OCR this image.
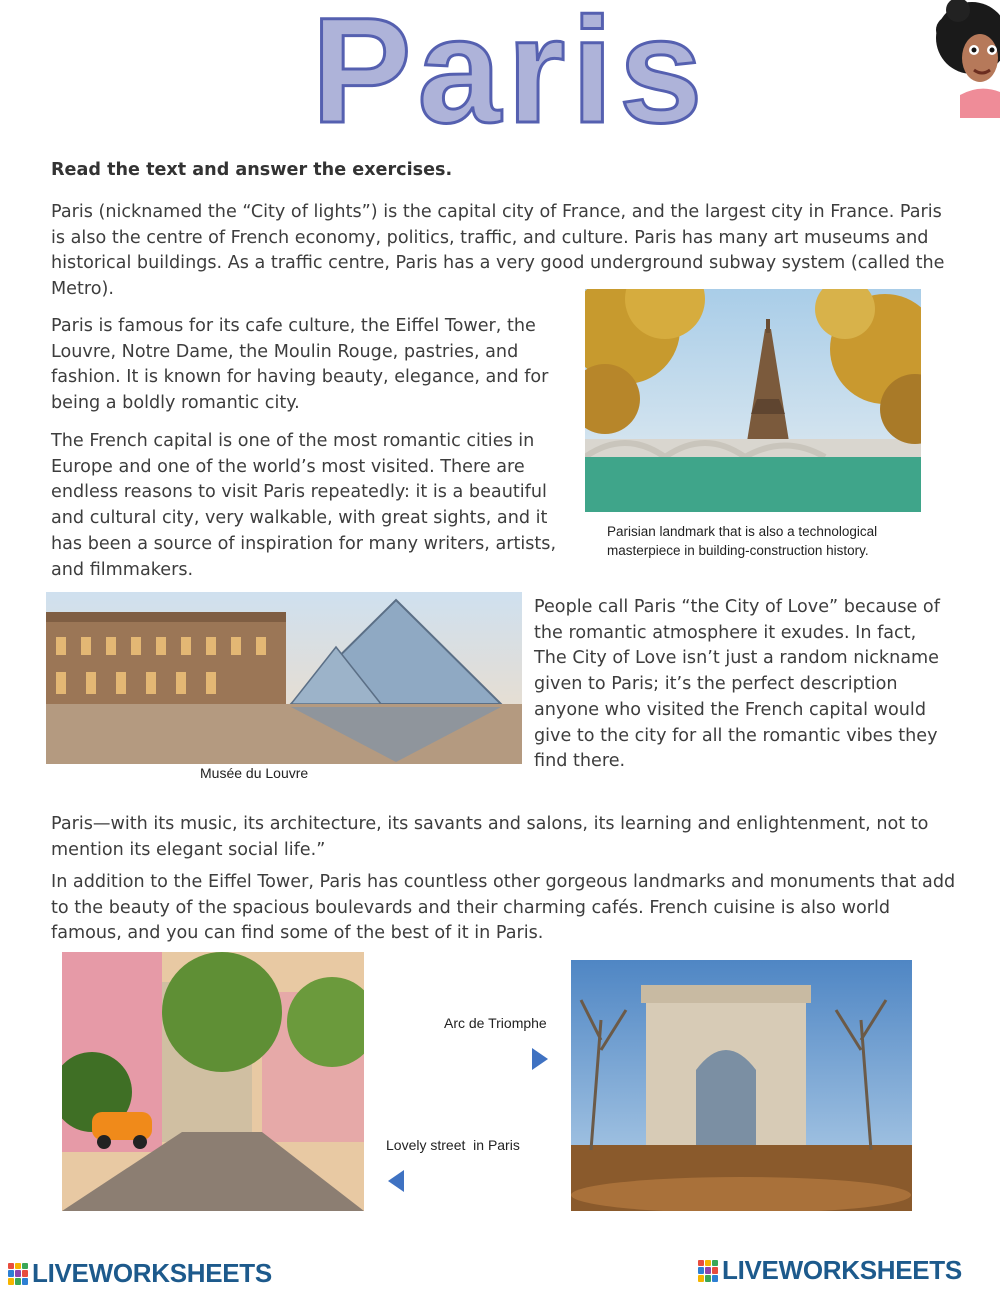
Paris
Read the text and answer the exercises.

Paris (nicknamed the “City of lights”) is the capital city of France, and the largest city in France. Paris is also the centre of French economy, politics, traffic, and culture. Paris has many art museums and historical buildings. As a traffic centre, Paris has a very good underground subway system (called the Metro).

Paris is famous for its cafe culture, the Eiffel Tower, the Louvre, Notre Dame, the Moulin Rouge, pastries, and fashion. It is known for having beauty, elegance, and for being a boldly romantic city.

The French capital is one of the most romantic cities in Europe and one of the world’s most visited. There are endless reasons to visit Paris repeatedly: it is a beautiful and cultural city, very walkable, with great sights, and it has been a source of inspiration for many writers, artists, and filmmakers.

Parisian landmark that is also a technological
masterpiece in building-construction history.
Musée du Louvre

People call Paris “the City of Love” because of the romantic atmosphere it exudes. In fact, The City of Love isn’t just a random nickname given to Paris; it’s the perfect description anyone who visited the French capital would give to the city for all the romantic vibes they find there.

Paris—with its music, its architecture, its savants and salons, its learning and enlightenment, not to mention its elegant social life.”

In addition to the Eiffel Tower, Paris has countless other gorgeous landmarks and monuments that add to the beauty of the spacious boulevards and their charming cafés. French cuisine is also world famous, and you can find some of the best of it in Paris.

Arc de Triomphe
Lovely street  in Paris
LIVEWORKSHEETS	LIVEWORKSHEETS
